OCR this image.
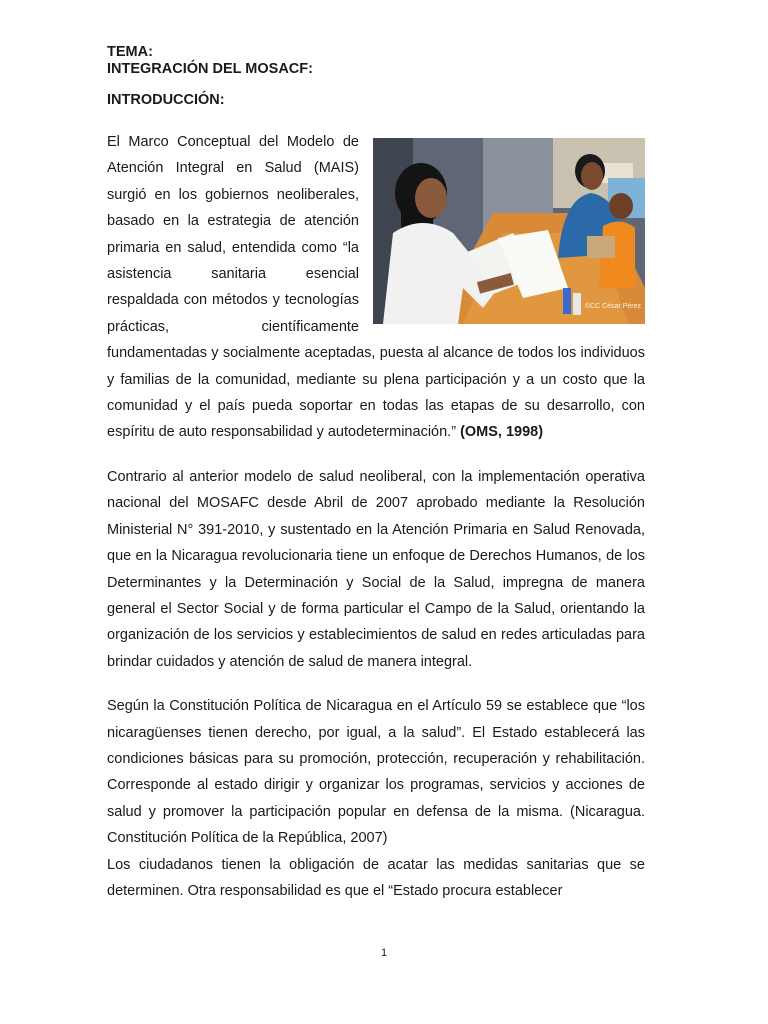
TEMA:

INTEGRACIÓN DEL MOSACF:

INTRODUCCIÓN:

©CC César Pérez
El Marco Conceptual del Modelo de Atención Integral en Salud (MAIS) surgió en los gobiernos neoliberales, basado en la estrategia de atención primaria en salud, entendida como “la asistencia sanitaria esencial respaldada con métodos y tecnologías prácticas, científicamente fundamentadas y socialmente aceptadas, puesta al alcance de todos los individuos y familias de la comunidad, mediante su plena participación y a un costo que la comunidad y el país pueda soportar en todas las etapas de su desarrollo, con espíritu de auto responsabilidad y autodeterminación.” (OMS, 1998)

Contrario al anterior modelo de salud neoliberal, con la implementación operativa nacional del MOSAFC desde Abril de 2007 aprobado mediante la Resolución Ministerial N° 391-2010, y sustentado en la Atención Primaria en Salud Renovada, que en la Nicaragua revolucionaria tiene un enfoque de Derechos Humanos, de los Determinantes y la Determinación y Social de la Salud, impregna de manera general el Sector Social y de forma particular el Campo de la Salud, orientando la organización de los servicios y establecimientos de salud en redes articuladas para brindar cuidados y atención de salud de manera integral.

Según la Constitución Política de Nicaragua en el Artículo 59 se establece que “los nicaragüenses tienen derecho, por igual, a la salud”. El Estado establecerá las condiciones básicas para su promoción, protección, recuperación y rehabilitación. Corresponde al estado dirigir y organizar los programas, servicios y acciones de salud y promover la participación popular en defensa de la misma. (Nicaragua. Constitución Política de la República, 2007)

Los ciudadanos tienen la obligación de acatar las medidas sanitarias que se determinen. Otra responsabilidad es que el “Estado procura establecer

1
